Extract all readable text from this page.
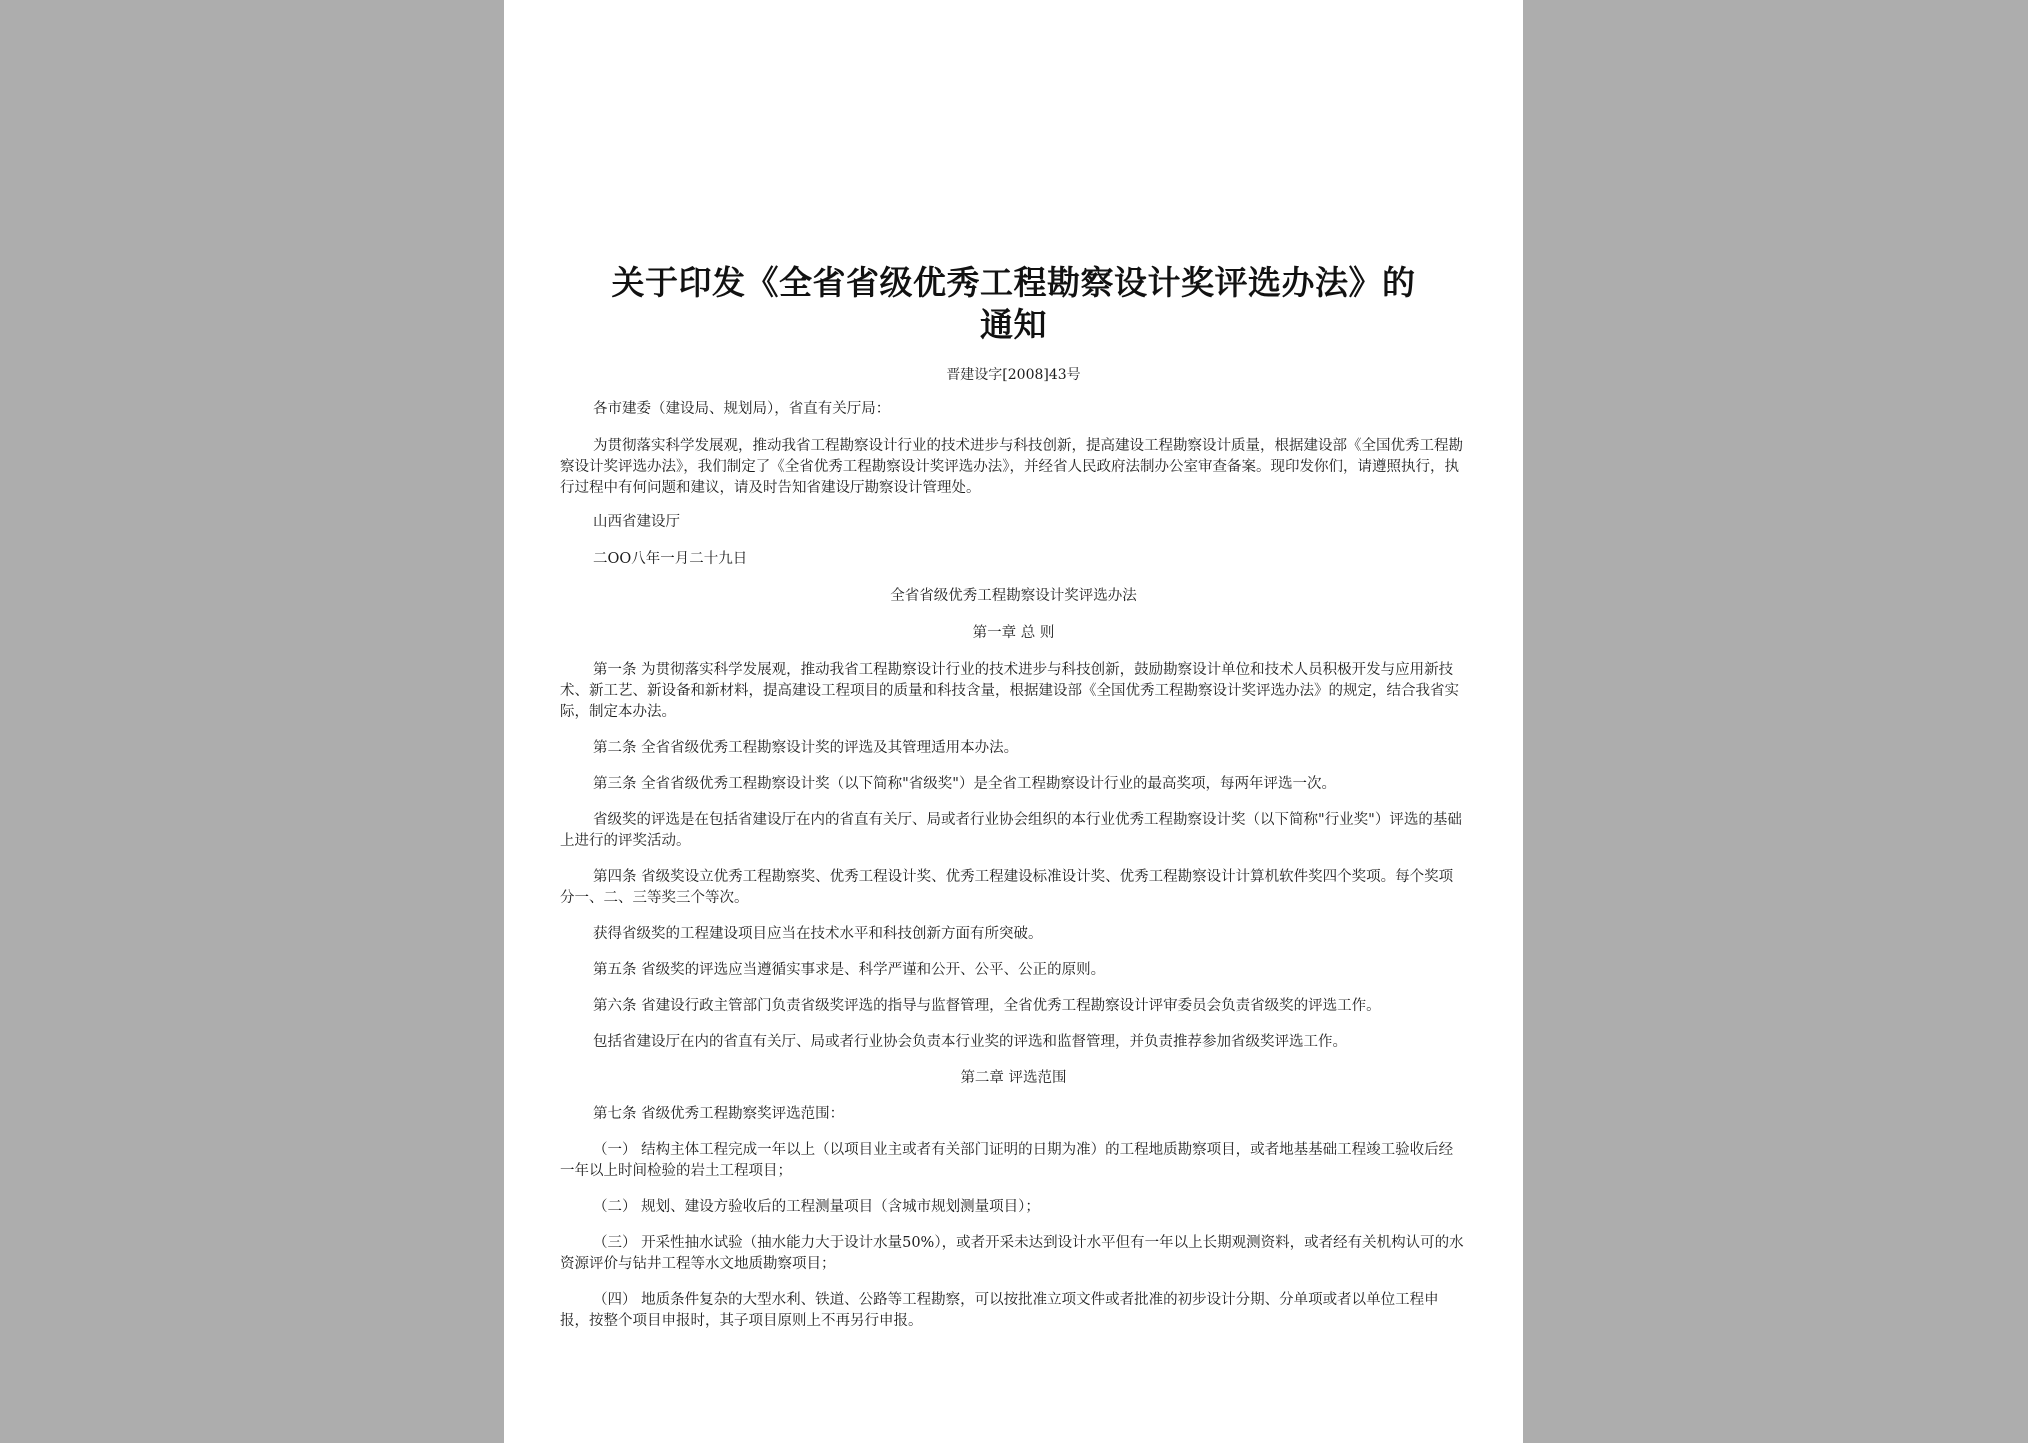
关于印发《全省省级优秀工程勘察设计奖评选办法》的
通知
晋建设字[2008]43号

各市建委（建设局、规划局），省直有关厅局：

为贯彻落实科学发展观，推动我省工程勘察设计行业的技术进步与科技创新，提高建设工程勘察设计质量，根据建设部《全国优秀工程勘察设计奖评选办法》，我们制定了《全省优秀工程勘察设计奖评选办法》，并经省人民政府法制办公室审查备案。现印发你们，请遵照执行，执行过程中有何问题和建议，请及时告知省建设厅勘察设计管理处。

山西省建设厅

二OO八年一月二十九日

全省省级优秀工程勘察设计奖评选办法

第一章 总 则

第一条 为贯彻落实科学发展观，推动我省工程勘察设计行业的技术进步与科技创新，鼓励勘察设计单位和技术人员积极开发与应用新技术、新工艺、新设备和新材料，提高建设工程项目的质量和科技含量，根据建设部《全国优秀工程勘察设计奖评选办法》的规定，结合我省实际，制定本办法。

第二条 全省省级优秀工程勘察设计奖的评选及其管理适用本办法。

第三条 全省省级优秀工程勘察设计奖（以下简称"省级奖"）是全省工程勘察设计行业的最高奖项，每两年评选一次。

省级奖的评选是在包括省建设厅在内的省直有关厅、局或者行业协会组织的本行业优秀工程勘察设计奖（以下简称"行业奖"）评选的基础上进行的评奖活动。

第四条 省级奖设立优秀工程勘察奖、优秀工程设计奖、优秀工程建设标准设计奖、优秀工程勘察设计计算机软件奖四个奖项。每个奖项分一、二、三等奖三个等次。

获得省级奖的工程建设项目应当在技术水平和科技创新方面有所突破。

第五条 省级奖的评选应当遵循实事求是、科学严谨和公开、公平、公正的原则。

第六条 省建设行政主管部门负责省级奖评选的指导与监督管理，全省优秀工程勘察设计评审委员会负责省级奖的评选工作。

包括省建设厅在内的省直有关厅、局或者行业协会负责本行业奖的评选和监督管理，并负责推荐参加省级奖评选工作。

第二章 评选范围

第七条 省级优秀工程勘察奖评选范围：

（一） 结构主体工程完成一年以上（以项目业主或者有关部门证明的日期为准）的工程地质勘察项目，或者地基基础工程竣工验收后经一年以上时间检验的岩土工程项目；

（二） 规划、建设方验收后的工程测量项目（含城市规划测量项目）；

（三） 开采性抽水试验（抽水能力大于设计水量50%），或者开采未达到设计水平但有一年以上长期观测资料，或者经有关机构认可的水资源评价与钻井工程等水文地质勘察项目；

（四） 地质条件复杂的大型水利、铁道、公路等工程勘察，可以按批准立项文件或者批准的初步设计分期、分单项或者以单位工程申报，按整个项目申报时，其子项目原则上不再另行申报。
